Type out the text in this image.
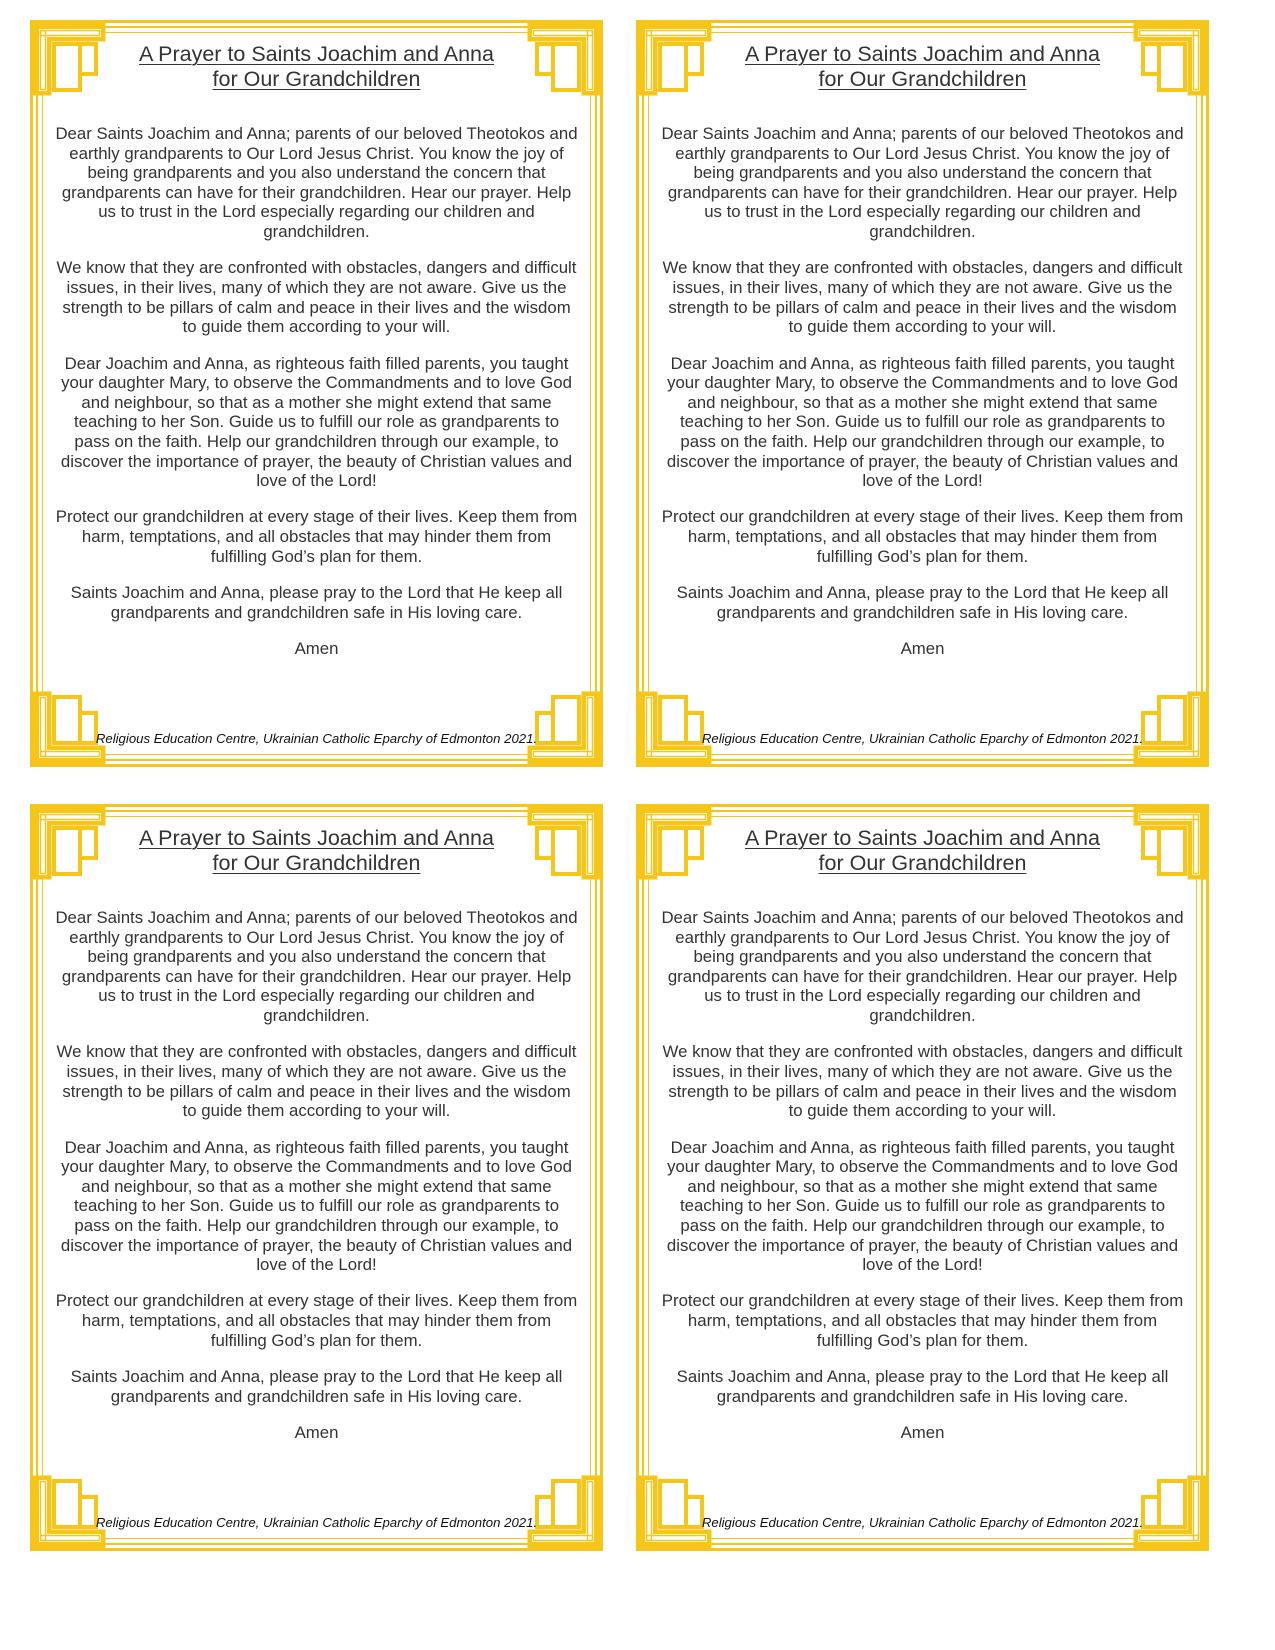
A Prayer to Saints Joachim and Anna
for Our Grandchildren

Dear Saints Joachim and Anna; parents of our beloved Theotokos and earthly grandparents to Our Lord Jesus Christ. You know the joy of being grandparents and you also understand the concern that grandparents can have for their grandchildren. Hear our prayer. Help us to trust in the Lord especially regarding our children and grandchildren.

We know that they are confronted with obstacles, dangers and difficult issues, in their lives, many of which they are not aware. Give us the strength to be pillars of calm and peace in their lives and the wisdom to guide them according to your will.

Dear Joachim and Anna, as righteous faith filled parents, you taught your daughter Mary, to observe the Commandments and to love God and neighbour, so that as a mother she might extend that same teaching to her Son. Guide us to fulfill our role as grandparents to pass on the faith. Help our grandchildren through our example, to discover the importance of prayer, the beauty of Christian values and love of the Lord!

Protect our grandchildren at every stage of their lives. Keep them from harm, temptations, and all obstacles that may hinder them from fulfilling God’s plan for them.

Saints Joachim and Anna, please pray to the Lord that He keep all grandparents and grandchildren safe in His loving care.

Amen

Religious Education Centre, Ukrainian Catholic Eparchy of Edmonton 2021.
A Prayer to Saints Joachim and Anna
for Our Grandchildren

Dear Saints Joachim and Anna; parents of our beloved Theotokos and earthly grandparents to Our Lord Jesus Christ. You know the joy of being grandparents and you also understand the concern that grandparents can have for their grandchildren. Hear our prayer. Help us to trust in the Lord especially regarding our children and grandchildren.

We know that they are confronted with obstacles, dangers and difficult issues, in their lives, many of which they are not aware. Give us the strength to be pillars of calm and peace in their lives and the wisdom to guide them according to your will.

Dear Joachim and Anna, as righteous faith filled parents, you taught your daughter Mary, to observe the Commandments and to love God and neighbour, so that as a mother she might extend that same teaching to her Son. Guide us to fulfill our role as grandparents to pass on the faith. Help our grandchildren through our example, to discover the importance of prayer, the beauty of Christian values and love of the Lord!

Protect our grandchildren at every stage of their lives. Keep them from harm, temptations, and all obstacles that may hinder them from fulfilling God’s plan for them.

Saints Joachim and Anna, please pray to the Lord that He keep all grandparents and grandchildren safe in His loving care.

Amen

Religious Education Centre, Ukrainian Catholic Eparchy of Edmonton 2021.
A Prayer to Saints Joachim and Anna
for Our Grandchildren

Dear Saints Joachim and Anna; parents of our beloved Theotokos and earthly grandparents to Our Lord Jesus Christ. You know the joy of being grandparents and you also understand the concern that grandparents can have for their grandchildren. Hear our prayer. Help us to trust in the Lord especially regarding our children and grandchildren.

We know that they are confronted with obstacles, dangers and difficult issues, in their lives, many of which they are not aware. Give us the strength to be pillars of calm and peace in their lives and the wisdom to guide them according to your will.

Dear Joachim and Anna, as righteous faith filled parents, you taught your daughter Mary, to observe the Commandments and to love God and neighbour, so that as a mother she might extend that same teaching to her Son. Guide us to fulfill our role as grandparents to pass on the faith. Help our grandchildren through our example, to discover the importance of prayer, the beauty of Christian values and love of the Lord!

Protect our grandchildren at every stage of their lives. Keep them from harm, temptations, and all obstacles that may hinder them from fulfilling God’s plan for them.

Saints Joachim and Anna, please pray to the Lord that He keep all grandparents and grandchildren safe in His loving care.

Amen

Religious Education Centre, Ukrainian Catholic Eparchy of Edmonton 2021.
A Prayer to Saints Joachim and Anna
for Our Grandchildren

Dear Saints Joachim and Anna; parents of our beloved Theotokos and earthly grandparents to Our Lord Jesus Christ. You know the joy of being grandparents and you also understand the concern that grandparents can have for their grandchildren. Hear our prayer. Help us to trust in the Lord especially regarding our children and grandchildren.

We know that they are confronted with obstacles, dangers and difficult issues, in their lives, many of which they are not aware. Give us the strength to be pillars of calm and peace in their lives and the wisdom to guide them according to your will.

Dear Joachim and Anna, as righteous faith filled parents, you taught your daughter Mary, to observe the Commandments and to love God and neighbour, so that as a mother she might extend that same teaching to her Son. Guide us to fulfill our role as grandparents to pass on the faith. Help our grandchildren through our example, to discover the importance of prayer, the beauty of Christian values and love of the Lord!

Protect our grandchildren at every stage of their lives. Keep them from harm, temptations, and all obstacles that may hinder them from fulfilling God’s plan for them.

Saints Joachim and Anna, please pray to the Lord that He keep all grandparents and grandchildren safe in His loving care.

Amen

Religious Education Centre, Ukrainian Catholic Eparchy of Edmonton 2021.
